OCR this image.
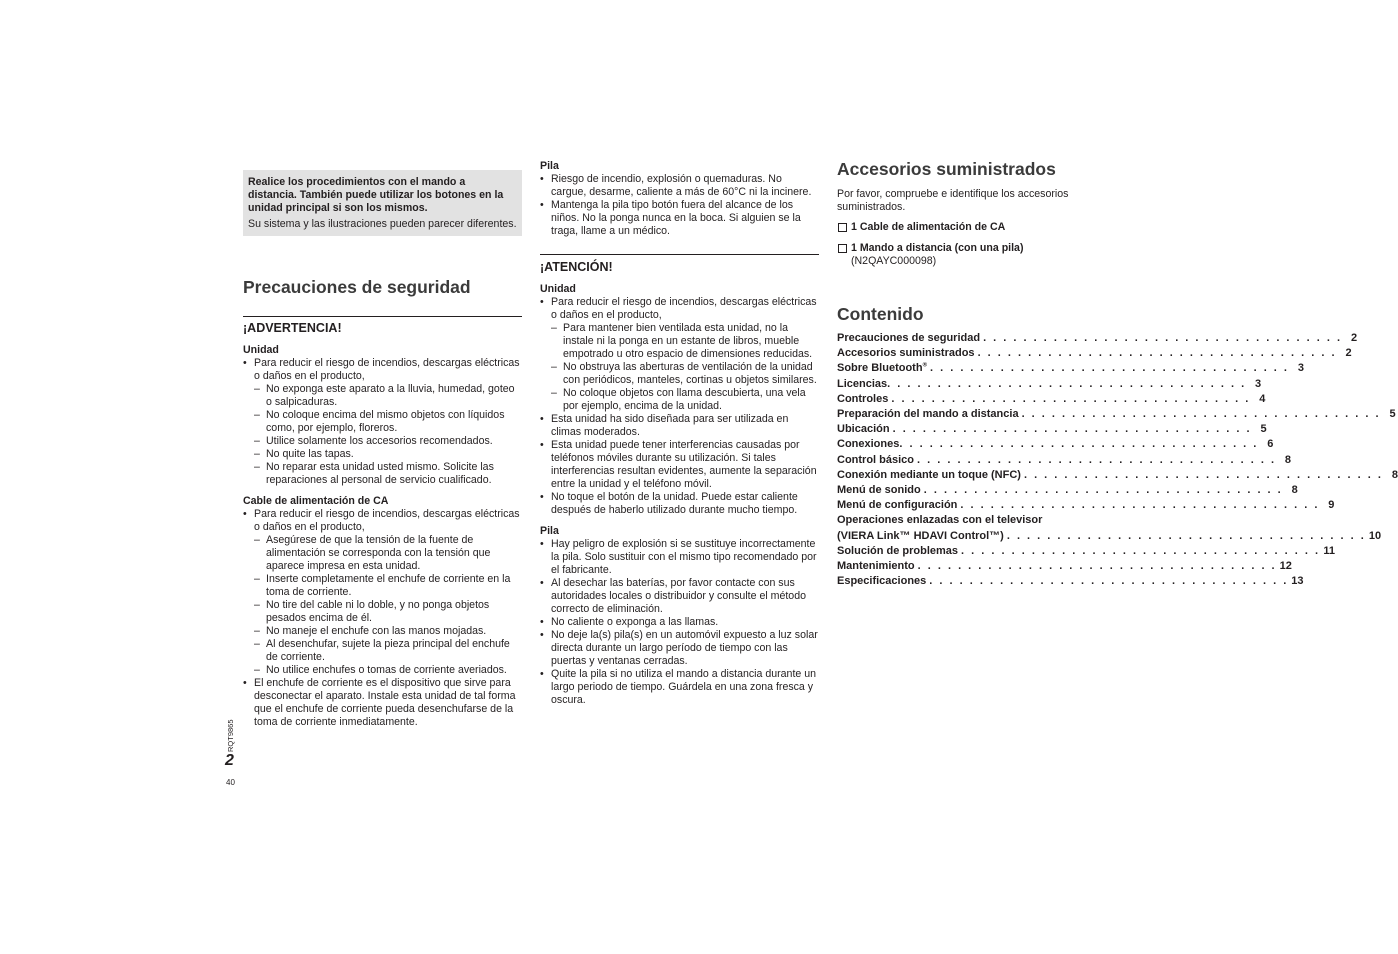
Realice los procedimientos con el mando a distancia. También puede utilizar los botones en la unidad principal si son los mismos.

Su sistema y las ilustraciones pueden parecer diferentes.

Precauciones de seguridad
¡ADVERTENCIA!
Unidad
• Para reducir el riesgo de incendios, descargas eléctricas o daños en el producto,
– No exponga este aparato a la lluvia, humedad, goteo o salpicaduras.
– No coloque encima del mismo objetos con líquidos como, por ejemplo, floreros.
– Utilice solamente los accesorios recomendados.
– No quite las tapas.
– No reparar esta unidad usted mismo. Solicite las reparaciones al personal de servicio cualificado.
Cable de alimentación de CA
• Para reducir el riesgo de incendios, descargas eléctricas o daños en el producto,
– Asegúrese de que la tensión de la fuente de alimentación se corresponda con la tensión que aparece impresa en esta unidad.
– Inserte completamente el enchufe de corriente en la toma de corriente.
– No tire del cable ni lo doble, y no ponga objetos pesados encima de él.
– No maneje el enchufe con las manos mojadas.
– Al desenchufar, sujete la pieza principal del enchufe de corriente.
– No utilice enchufes o tomas de corriente averiados.
• El enchufe de corriente es el dispositivo que sirve para desconectar el aparato. Instale esta unidad de tal forma que el enchufe de corriente pueda desenchufarse de la toma de corriente inmediatamente.
Pila
• Riesgo de incendio, explosión o quemaduras. No cargue, desarme, caliente a más de 60°C ni la incinere.
• Mantenga la pila tipo botón fuera del alcance de los niños. No la ponga nunca en la boca. Si alguien se la traga, llame a un médico.
¡ATENCIÓN!
Unidad
• Para reducir el riesgo de incendios, descargas eléctricas o daños en el producto,
– Para mantener bien ventilada esta unidad, no la instale ni la ponga en un estante de libros, mueble empotrado u otro espacio de dimensiones reducidas.
– No obstruya las aberturas de ventilación de la unidad con periódicos, manteles, cortinas u objetos similares.
– No coloque objetos con llama descubierta, una vela por ejemplo, encima de la unidad.
• Esta unidad ha sido diseñada para ser utilizada en climas moderados.
• Esta unidad puede tener interferencias causadas por teléfonos móviles durante su utilización. Si tales interferencias resultan evidentes, aumente la separación entre la unidad y el teléfono móvil.
• No toque el botón de la unidad. Puede estar caliente después de haberlo utilizado durante mucho tiempo.
Pila
• Hay peligro de explosión si se sustituye incorrectamente la pila. Solo sustituir con el mismo tipo recomendado por el fabricante.
• Al desechar las baterías, por favor contacte con sus autoridades locales o distribuidor y consulte el método correcto de eliminación.
• No caliente o exponga a las llamas.
• No deje la(s) pila(s) en un automóvil expuesto a luz solar directa durante un largo período de tiempo con las puertas y ventanas cerradas.
• Quite la pila si no utiliza el mando a distancia durante un largo periodo de tiempo. Guárdela en una zona fresca y oscura.
Accesorios suministrados

Por favor, compruebe e identifique los accesorios suministrados.

1 Cable de alimentación de CA
1 Mando a distancia (con una pila)
(N2QAYC000098)
Contenido
Precauciones de seguridad . . . . . . . . . . . . . . . . . . . . . . . . . . . . . . . . . . . . 2
Accesorios suministrados . . . . . . . . . . . . . . . . . . . . . . . . . . . . . . . . . . . . 2
Sobre Bluetooth® . . . . . . . . . . . . . . . . . . . . . . . . . . . . . . . . . . . . 3
Licencias . . . . . . . . . . . . . . . . . . . . . . . . . . . . . . . . . . . . 3
Controles . . . . . . . . . . . . . . . . . . . . . . . . . . . . . . . . . . . . 4
Preparación del mando a distancia . . . . . . . . . . . . . . . . . . . . . . . . . . . . . . . . . . . . 5
Ubicación . . . . . . . . . . . . . . . . . . . . . . . . . . . . . . . . . . . . 5
Conexiones . . . . . . . . . . . . . . . . . . . . . . . . . . . . . . . . . . . . 6
Control básico . . . . . . . . . . . . . . . . . . . . . . . . . . . . . . . . . . . . 8
Conexión mediante un toque (NFC) . . . . . . . . . . . . . . . . . . . . . . . . . . . . . . . . . . . . 8
Menú de sonido . . . . . . . . . . . . . . . . . . . . . . . . . . . . . . . . . . . . 8
Menú de configuración . . . . . . . . . . . . . . . . . . . . . . . . . . . . . . . . . . . . 9
Operaciones enlazadas con el televisor
(VIERA Link™ HDAVI Control™) . . . . . . . . . . . . . . . . . . . . . . . . . . . . . . . . . . . . 10
Solución de problemas . . . . . . . . . . . . . . . . . . . . . . . . . . . . . . . . . . . . 11
Mantenimiento . . . . . . . . . . . . . . . . . . . . . . . . . . . . . . . . . . . . 12
Especificaciones . . . . . . . . . . . . . . . . . . . . . . . . . . . . . . . . . . . . 13
RQT9865
2
40
